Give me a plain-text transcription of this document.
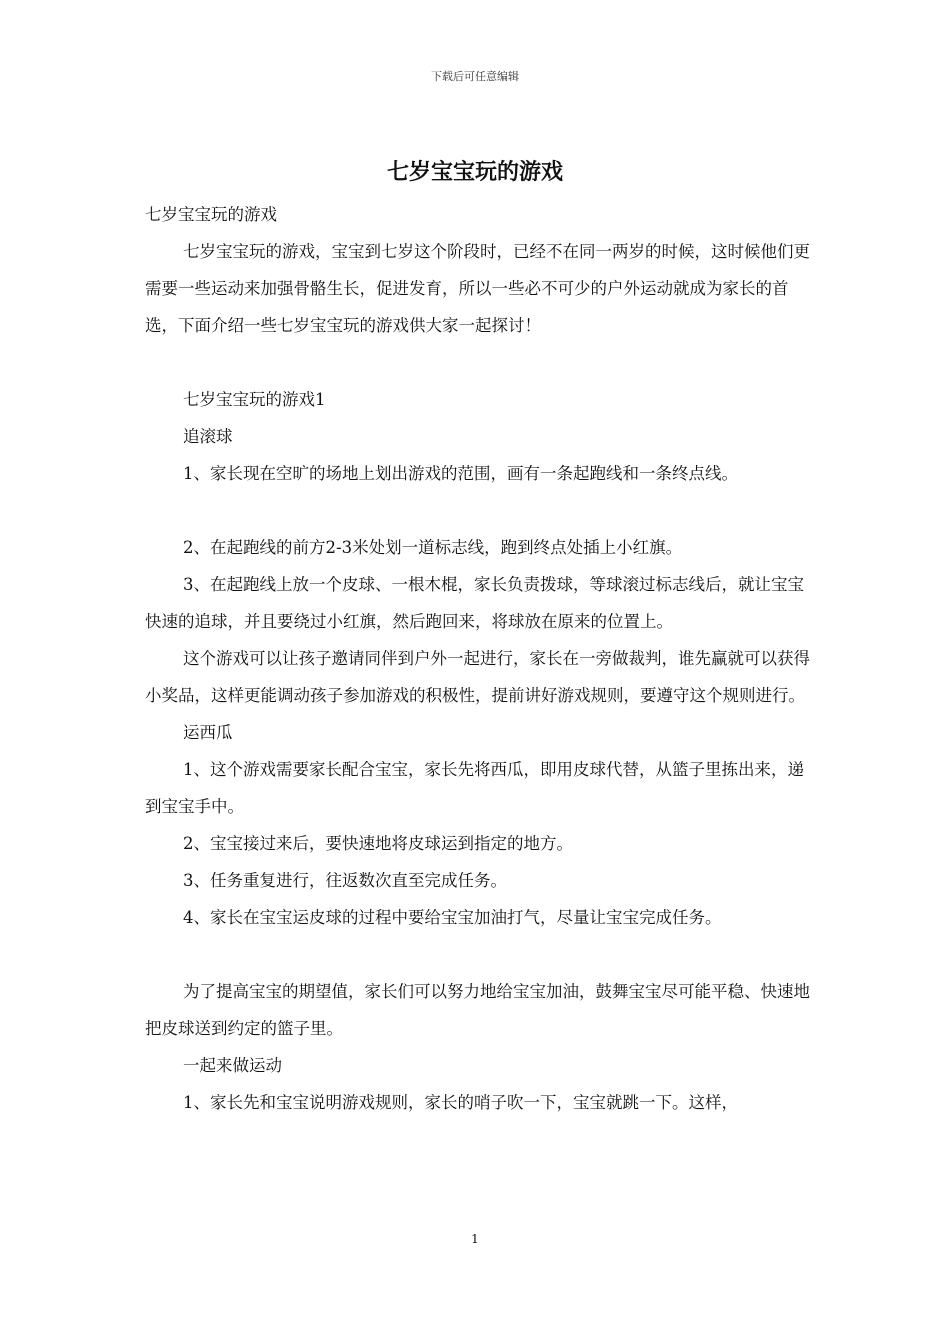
下载后可任意编辑
七岁宝宝玩的游戏

七岁宝宝玩的游戏

七岁宝宝玩的游戏，宝宝到七岁这个阶段时，已经不在同一两岁的时候，这时候他们更需要一些运动来加强骨骼生长，促进发育，所以一些必不可少的户外运动就成为家长的首选，下面介绍一些七岁宝宝玩的游戏供大家一起探讨！

七岁宝宝玩的游戏1

追滚球

1、家长现在空旷的场地上划出游戏的范围，画有一条起跑线和一条终点线。

2、在起跑线的前方2-3米处划一道标志线，跑到终点处插上小红旗。

3、在起跑线上放一个皮球、一根木棍，家长负责拨球，等球滚过标志线后，就让宝宝快速的追球，并且要绕过小红旗，然后跑回来，将球放在原来的位置上。

这个游戏可以让孩子邀请同伴到户外一起进行，家长在一旁做裁判，谁先赢就可以获得小奖品，这样更能调动孩子参加游戏的积极性，提前讲好游戏规则，要遵守这个规则进行。

运西瓜

1、这个游戏需要家长配合宝宝，家长先将西瓜，即用皮球代替，从篮子里拣出来，递到宝宝手中。

2、宝宝接过来后，要快速地将皮球运到指定的地方。

3、任务重复进行，往返数次直至完成任务。

4、家长在宝宝运皮球的过程中要给宝宝加油打气，尽量让宝宝完成任务。

为了提高宝宝的期望值，家长们可以努力地给宝宝加油，鼓舞宝宝尽可能平稳、快速地把皮球送到约定的篮子里。

一起来做运动

1、家长先和宝宝说明游戏规则，家长的哨子吹一下，宝宝就跳一下。这样，

1
